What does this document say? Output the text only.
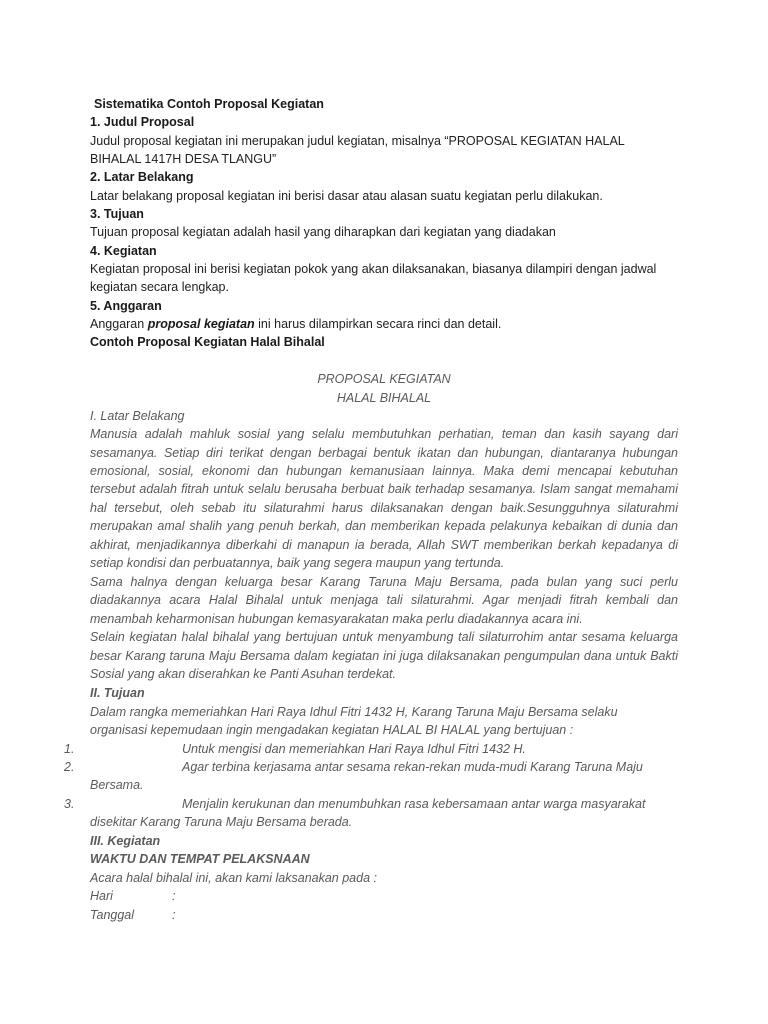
Sistematika Contoh Proposal Kegiatan
1. Judul Proposal
Judul proposal kegiatan ini merupakan judul kegiatan, misalnya “PROPOSAL KEGIATAN HALAL
BIHALAL 1417H DESA TLANGU”
2. Latar Belakang
Latar belakang proposal kegiatan ini berisi dasar atau alasan suatu kegiatan perlu dilakukan.
3. Tujuan
Tujuan proposal kegiatan adalah hasil yang diharapkan dari kegiatan yang diadakan
4. Kegiatan
Kegiatan proposal ini berisi kegiatan pokok yang akan dilaksanakan, biasanya dilampiri dengan jadwal
kegiatan secara lengkap.
5. Anggaran
Anggaran proposal kegiatan ini harus dilampirkan secara rinci dan detail.
Contoh Proposal Kegiatan Halal Bihalal
PROPOSAL KEGIATAN
HALAL BIHALAL
I. Latar Belakang
Manusia adalah mahluk sosial yang selalu membutuhkan perhatian, teman dan kasih sayang dari
sesamanya. Setiap diri terikat dengan berbagai bentuk ikatan dan hubungan, diantaranya hubungan
emosional, sosial, ekonomi dan hubungan kemanusiaan lainnya. Maka demi mencapai kebutuhan
tersebut adalah fitrah untuk selalu berusaha berbuat baik terhadap sesamanya. Islam sangat memahami
hal tersebut, oleh sebab itu silaturahmi harus dilaksanakan dengan baik.Sesungguhnya silaturahmi
merupakan amal shalih yang penuh berkah, dan memberikan kepada pelakunya kebaikan di dunia dan
akhirat, menjadikannya diberkahi di manapun ia berada, Allah SWT memberikan berkah kepadanya di
setiap kondisi dan perbuatannya, baik yang segera maupun yang tertunda.
Sama halnya dengan keluarga besar Karang Taruna Maju Bersama, pada bulan yang suci perlu
diadakannya acara Halal Bihalal untuk menjaga tali silaturahmi. Agar menjadi fitrah kembali dan
menambah keharmonisan hubungan kemasyarakatan maka perlu diadakannya acara ini.
Selain kegiatan halal bihalal yang bertujuan untuk menyambung tali silaturrohim antar sesama keluarga
besar Karang taruna Maju Bersama dalam kegiatan ini juga dilaksanakan pengumpulan dana untuk Bakti
Sosial yang akan diserahkan ke Panti Asuhan terdekat.
II. Tujuan
Dalam rangka memeriahkan Hari Raya Idhul Fitri 1432 H, Karang Taruna Maju Bersama selaku
organisasi kepemudaan ingin mengadakan kegiatan HALAL BI HALAL yang bertujuan :
1.	Untuk mengisi dan memeriahkan Hari Raya Idhul Fitri 1432 H.
2.	Agar terbina kerjasama antar sesama rekan-rekan muda-mudi Karang Taruna Maju
Bersama.
3.	Menjalin kerukunan dan menumbuhkan rasa kebersamaan antar warga masyarakat
disekitar Karang Taruna Maju Bersama berada.
III. Kegiatan
WAKTU DAN TEMPAT PELAKSNAAN
Acara halal bihalal ini, akan kami laksanakan pada :
Hari	:
Tanggal	:
